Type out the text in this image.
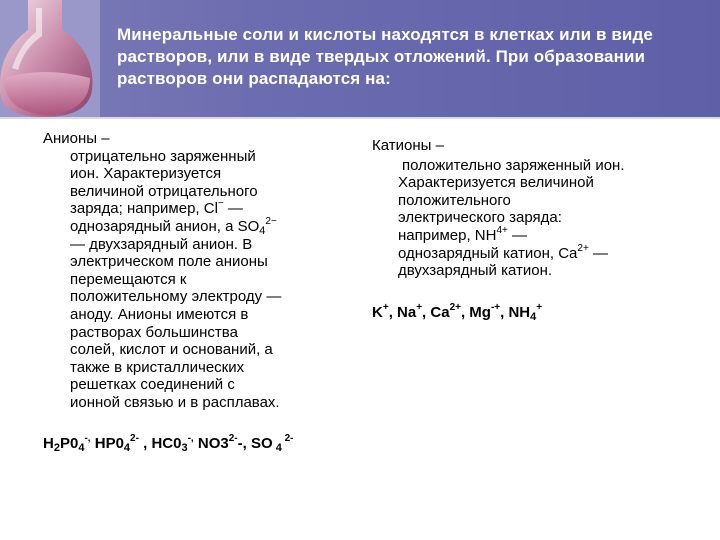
Минеральные соли и кислоты находятся в клетках или в виде растворов, или в виде твердых отложений. При образовании растворов они распадаются на:
Анионы –
отрицательно заряженный
ион. Характеризуется
величиной отрицательного
заряда; например, Cl− —
однозарядный анион, а $SO_4^{2-}$
— двухзарядный анион. В
электрическом поле анионы
перемещаются к
положительному электроду —
аноду. Анионы имеются в
растворах большинства
солей, кислот и оснований, а
также в кристаллических
решетках соединений с
ионной связью и в расплавах.
$H_2P0_4^{-,}$ $HP0_4^{2-}$ , $HC0_3^{-,}$ $NO3^{2-}-$, SO $_4$ $^{2-}$
Катионы –
положительно заряженный ион.
Характеризуется величиной
положительного
электрического заряда:
например, $NH^{4+}$ —
однозарядный катион, $Ca^{2+}$ —
двухзарядный катион.
K+, Na+, $Ca^{2+}$, Mg-+, $NH_4^+$
